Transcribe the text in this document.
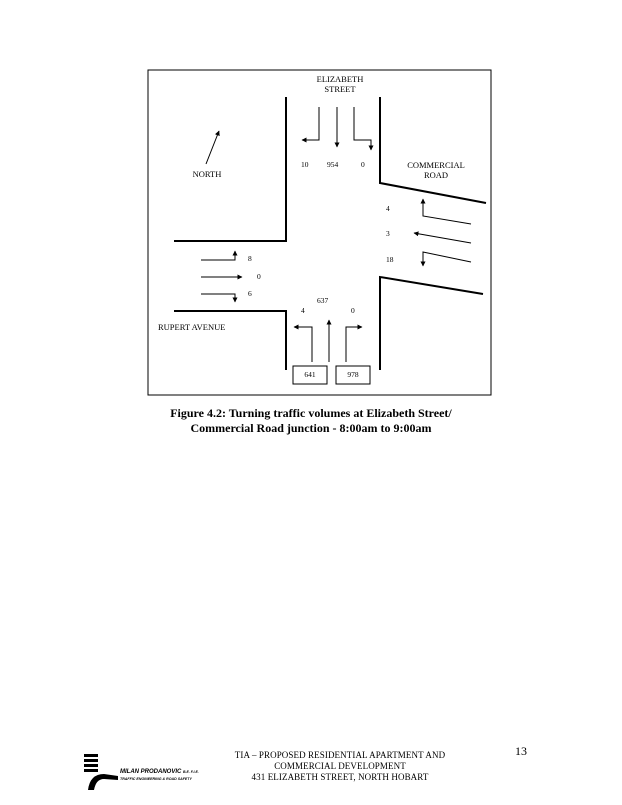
ELIZABETH
STREET
COMMERCIAL
ROAD
RUPERT AVENUE
NORTH
10 954	0
4
3
18
8
0
6
4
637
0
641	978
Figure 4.2: Turning traffic volumes at Elizabeth Street/
Commercial Road junction - 8:00am to 9:00am
MILAN PRODANOVIC B.E. F.I.E.
TRAFFIC ENGINEERING & ROAD SAFETY
TIA – PROPOSED RESIDENTIAL APARTMENT AND
COMMERCIAL DEVELOPMENT
431 ELIZABETH STREET, NORTH HOBART
13
